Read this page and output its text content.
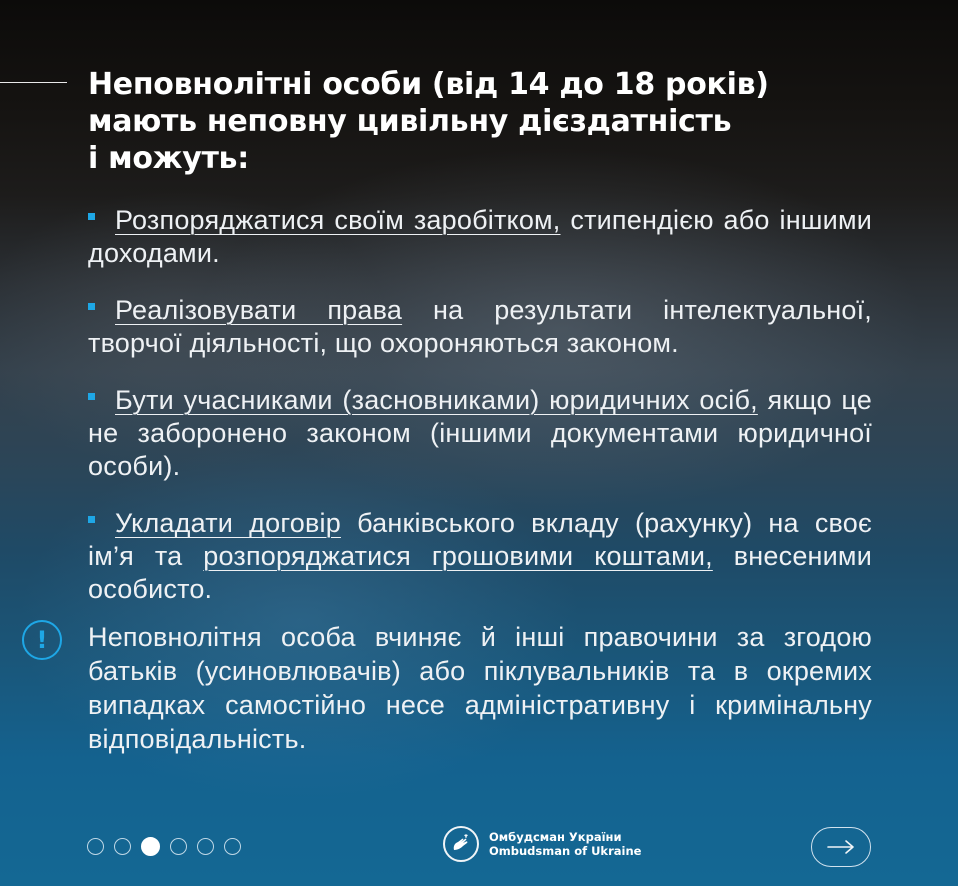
Неповнолітні особи (від 14 до 18 років)
мають неповну цивільну дієздатність
і можуть:
Розпоряджатися своїм заробітком, стипендією або іншими доходами.
Реалізовувати права на результати інтелектуальної, творчої діяльності, що охороняються законом.
Бути учасниками (засновниками) юридичних осіб, якщо це не заборонено законом (іншими документами юридичної особи).
Укладати договір банківського вкладу (рахунку) на своє ім’я та розпоряджатися грошовими коштами, внесеними особисто.
!	Неповнолітня особа вчиняє й інші правочини за згодою батьків (усиновлювачів) або піклувальників та в окремих випадках самостійно несе адміністративну і кримінальну відповідальність.
Омбудсман України
Ombudsman of Ukraine
